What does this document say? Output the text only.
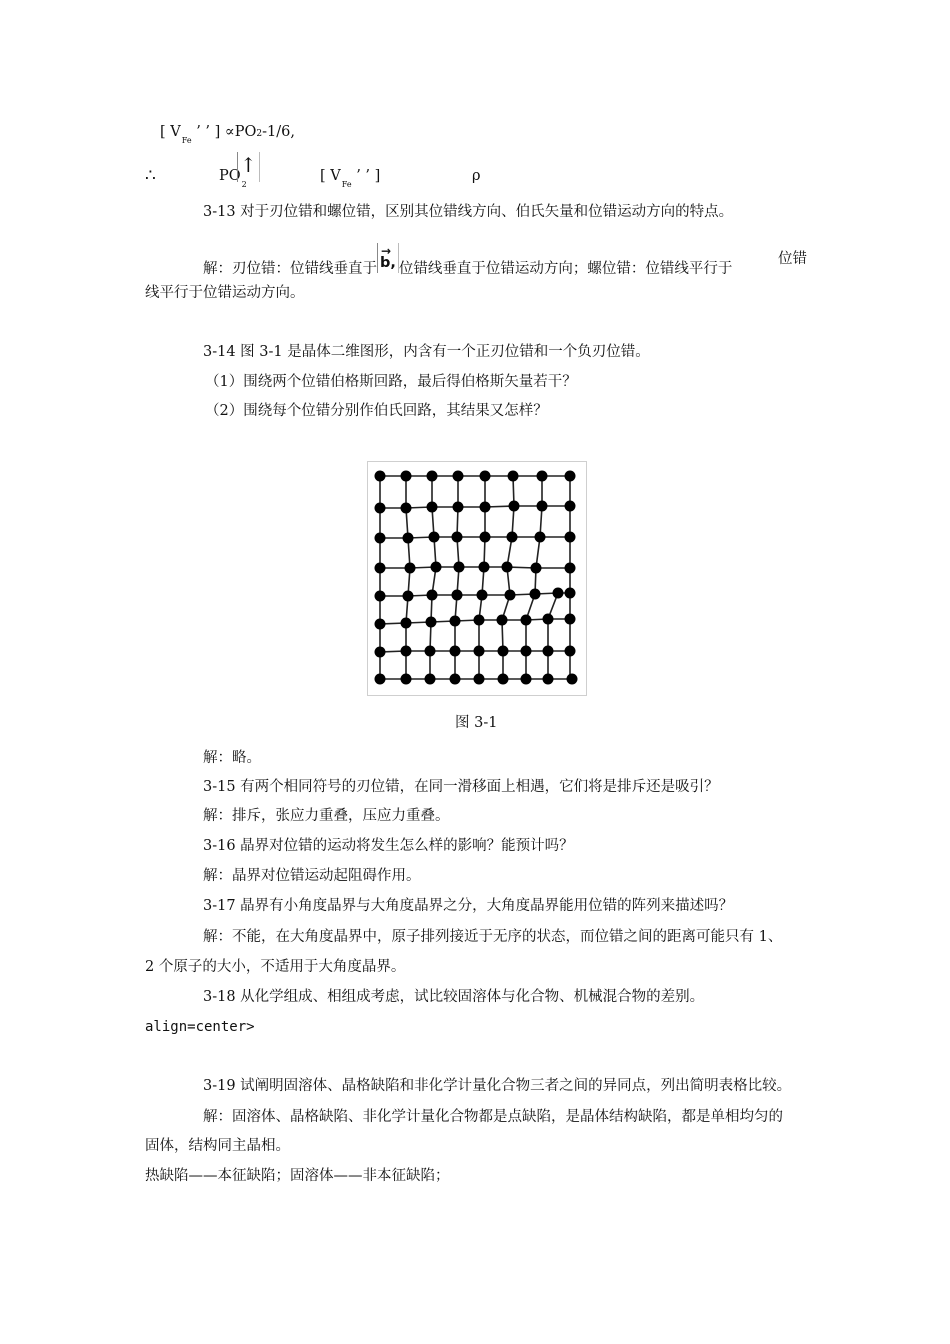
[ $V_{Fe}$ ’ ’ ] ∝PO2-1/6,
∴	$PO_2$
↑	[ $V_{Fe}$ ’ ’ ]	ρ
3-13 对于刃位错和螺位错，区别其位错线方向、伯氏矢量和位错运动方向的特点。
解：刃位错：位错线垂直于
→
b, 位错线垂直于位错运动方向；螺位错：位错线平行于
位错
线平行于位错运动方向。
3-14 图 3-1 是晶体二维图形，内含有一个正刃位错和一个负刃位错。
（1）围绕两个位错伯格斯回路，最后得伯格斯矢量若干？
（2）围绕每个位错分别作伯氏回路，其结果又怎样？
图 3-1
解：略。
3-15 有两个相同符号的刃位错，在同一滑移面上相遇，它们将是排斥还是吸引？
解：排斥，张应力重叠，压应力重叠。
3-16 晶界对位错的运动将发生怎么样的影响？能预计吗？
解：晶界对位错运动起阻碍作用。
3-17 晶界有小角度晶界与大角度晶界之分，大角度晶界能用位错的阵列来描述吗？
解：不能，在大角度晶界中，原子排列接近于无序的状态，而位错之间的距离可能只有 1、
2 个原子的大小，不适用于大角度晶界。
3-18 从化学组成、相组成考虑，试比较固溶体与化合物、机械混合物的差别。
align=center>
3-19 试阐明固溶体、晶格缺陷和非化学计量化合物三者之间的异同点，列出简明表格比较。
解：固溶体、晶格缺陷、非化学计量化合物都是点缺陷，是晶体结构缺陷，都是单相均匀的
固体，结构同主晶相。
热缺陷——本征缺陷；固溶体——非本征缺陷；
